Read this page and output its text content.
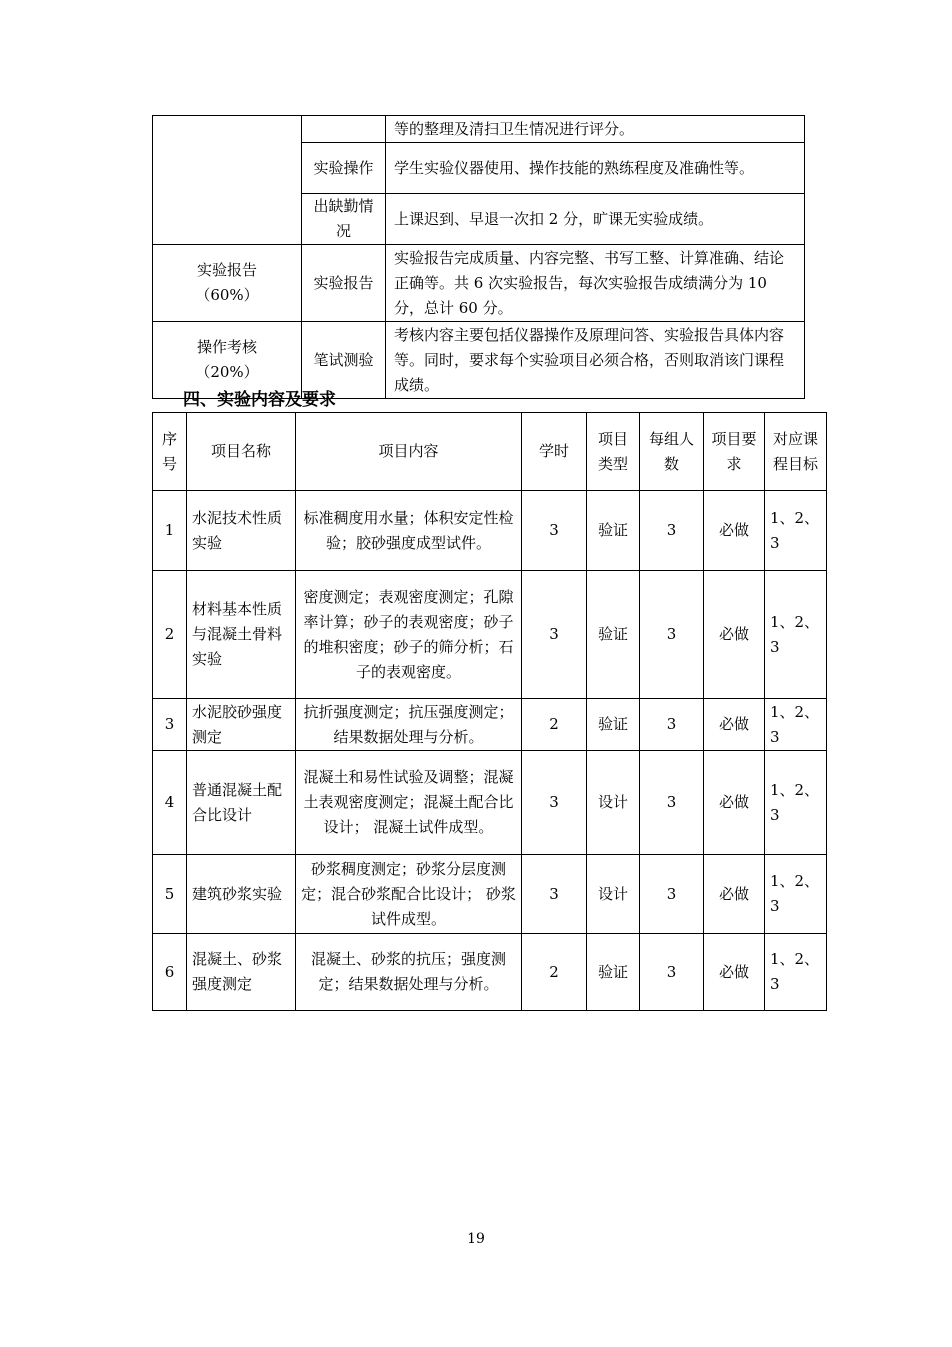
		等的整理及清扫卫生情况进行评分。
	实验操作	学生实验仪器使用、操作技能的熟练程度及准确性等。
	出缺勤情况	上课迟到、早退一次扣 2 分，旷课无实验成绩。

实验报告
（60%）	实验报告	实验报告完成质量、内容完整、书写工整、计算准确、结论正确等。共 6 次实验报告，每次实验报告成绩满分为 10 分，总计 60 分。

操作考核
（20%）	笔试测验	考核内容主要包括仪器操作及原理问答、实验报告具体内容等。同时，要求每个实验项目必须合格，否则取消该门课程成绩。
四、实验内容及要求
序号	项目名称	项目内容	学时	项目类型	每组人数	项目要求	对应课程目标
1	水泥技术性质实验	标准稠度用水量；体积安定性检验；胶砂强度成型试件。	3	验证	3	必做	1、2、3
2	材料基本性质与混凝土骨料实验	密度测定；表观密度测定；孔隙率计算；砂子的表观密度；砂子的堆积密度；砂子的筛分析；石子的表观密度。	3	验证	3	必做	1、2、3
3	水泥胶砂强度测定	抗折强度测定；抗压强度测定； 结果数据处理与分析。	2	验证	3	必做	1、2、3
4	普通混凝土配合比设计	混凝土和易性试验及调整；混凝土表观密度测定；混凝土配合比设计； 混凝土试件成型。	3	设计	3	必做	1、2、3
5	建筑砂浆实验	砂浆稠度测定；砂浆分层度测定；混合砂浆配合比设计； 砂浆试件成型。	3	设计	3	必做	1、2、3
6	混凝土、砂浆强度测定	混凝土、砂浆的抗压；强度测定；结果数据处理与分析。	2	验证	3	必做	1、2、3
19
